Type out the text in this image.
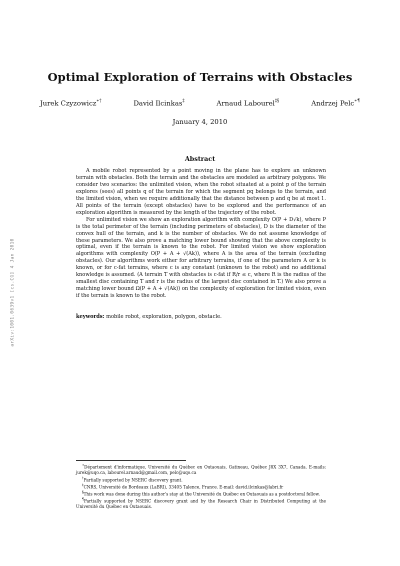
arXiv:1001.0639v1 [cs.CG] 4 Jan 2010
Optimal Exploration of Terrains with Obstacles
Jurek Czyzowicz∗†	David Ilcinkas‡	Arnaud Labourel‡§	Andrzej Pelc∗¶
January 4, 2010
Abstract

A mobile robot represented by a point moving in the plane has to explore an unknown terrain with obstacles. Both the terrain and the obstacles are modeled as arbitrary polygons. We consider two scenarios: the unlimited vision, when the robot situated at a point p of the terrain explores (sees) all points q of the terrain for which the segment pq belongs to the terrain, and the limited vision, when we require additionally that the distance between p and q be at most 1. All points of the terrain (except obstacles) have to be explored and the performance of an exploration algorithm is measured by the length of the trajectory of the robot.

For unlimited vision we show an exploration algorithm with complexity O(P + D√k), where P is the total perimeter of the terrain (including perimeters of obstacles), D is the diameter of the convex hull of the terrain, and k is the number of obstacles. We do not assume knowledge of these parameters. We also prove a matching lower bound showing that the above complexity is optimal, even if the terrain is known to the robot. For limited vision we show exploration algorithms with complexity O(P + A + √(Ak)), where A is the area of the terrain (excluding obstacles). Our algorithms work either for arbitrary terrains, if one of the parameters A or k is known, or for c-fat terrains, where c is any constant (unknown to the robot) and no additional knowledge is assumed. (A terrain T with obstacles is c-fat if R/r ≤ c, where R is the radius of the smallest disc containing T and r is the radius of the largest disc contained in T.) We also prove a matching lower bound Ω(P + A + √(Ak)) on the complexity of exploration for limited vision, even if the terrain is known to the robot.

keywords: mobile robot, exploration, polygon, obstacle.

∗Département d'informatique, Université du Québec en Outaouais, Gatineau, Québec J8X 3X7, Canada. E-mails: jurek@uqo.ca, labourel.arnaud@gmail.com, pelc@uqo.ca

†Partially supported by NSERC discovery grant.

‡CNRS, Université de Bordeaux (LaBRI), 33405 Talence, France. E-mail: david.ilcinkas@labri.fr

§This work was done during this author's stay at the Université du Québec en Outaouais as a postdoctoral fellow.

¶Partially supported by NSERC discovery grant and by the Research Chair in Distributed Computing at the Université du Québec en Outaouais.
